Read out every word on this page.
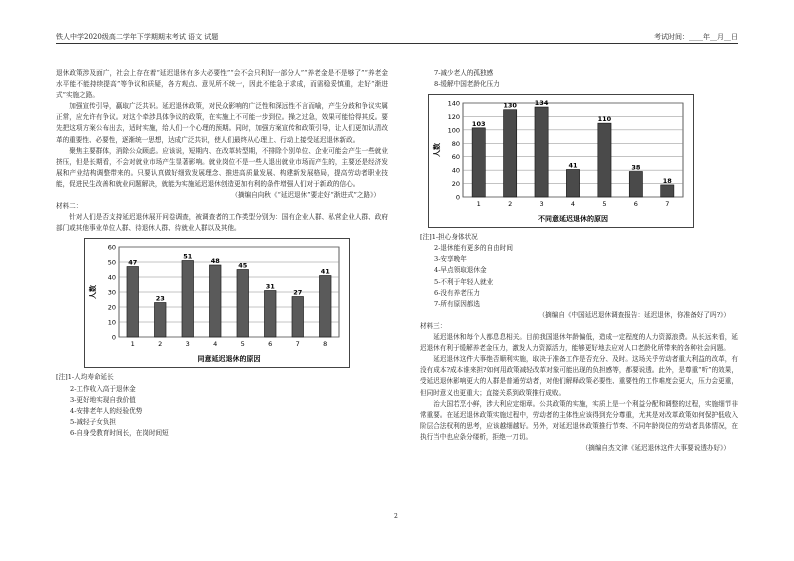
铁人中学2020级高二学年下学期期末考试 语文 试题	考试时间：____年__月__日

退休政策涉及面广，社会上存在着“延迟退休有多大必要性”“会不会只利好一部分人”“养老金是不是够了”“养老金水平能不能持续提高”等争议和质疑，各方观点、意见所不统一，因此不能急于求成，而需稳妥慎重，走好“渐进式”实施之路。

加强宣传引导，赢取广泛共识。延迟退休政策，对民众影响的广泛性和深远性不言而喻，产生分歧和争议实属正常，应允许有争议。对这个牵涉具体争议的政策，在实施上不可能一步到位。操之过急，效果可能恰得其反。要先把这项方案公布出去，适时实施，给人们一个心理的预期。同时，加强方案宣传和政策引导，让人们更加认清改革的重要性、必要性，逐渐统一思想，达成广泛共识，使人们最终从心理上、行动上接受延迟退休新政。

聚焦主要群体，消除公众顾虑。应该说，短期内、在改革转型期，不排除个别单位、企业可能会产生一些就业挤压，但是长期看，不会对就业市场产生显著影响。就业岗位不是一些人退出就业市场而产生的，主要还是经济发展和产业结构调整带来的。只要认真做好细致发展理念、推进高质量发展、构建新发展格局，提高劳动者职业技能，促进民生改善和就业问题解决，就能为实施延迟退休创造更加有利的条件增强人们对于新政的信心。

（摘编自向秋《“延迟退休”要走好“渐进式”之路》）

材料二：

针对人们是否支持延迟退休展开问卷调查，被调查者的工作类型分别为：国有企业人群、私营企业人群、政府部门或其他事业单位人群、待退休人群、待就业人群以及其他。

0
10
20
30
40
50
60
47
1
23
2
51
3
48
4
45
5
31
6
27
7
41
8
同意延迟退休的原因
人数

[注]1-人均寿命延长

2-工作收入高于退休金

3-更好地实现自我价值

4-安排老年人的经验优势

5-减轻子女负担

6-自身受教育时间长，在岗时间短

7-减少老人的孤独感

8-缓解中国老龄化压力

0
20
40
60
80
100
120
140
103
1
130
2
134
3
41
4
110
5
38
6
18
7
不同意延迟退休的原因
人数

[注]1-担心身体状况

2-退休能有更多的自由时间

3-安享晚年

4-早点领取退休金

5-不利于年轻人就业

6-没有养老压力

7-所有原因都选

（摘编自《中国延迟退休调查报告：延迟退休，你准备好了吗?》）

材料三：

延迟退休和每个人都息息相关。目前我国退休年龄偏低，造成一定程度的人力资源浪费。从长远来看，延迟退休有利于缓解养老金压力，激发人力资源活力，能够更好地去应对人口老龄化所带来的各种社会问题。

延迟退休这件大事绝否顺利实施，取决于准备工作是否充分、及时。这场关乎劳动者重大利益的改革，有没有成本?成本谁来担?如何用政策减轻改革对象可能出现的负担感等，都要说透。此外，是尊重“听”的效果，受延迟退休影响更大的人群是普通劳动者，对他们解释政策必要性、重要性的工作难度会更大，压力会更重，但同时意义也更重大；直接关系到政策推行成败。

治大国若烹小鲜，涉大利应定细章。公共政策的实施，实质上是一个利益分配和调整的过程，实施细节非常重要。在延迟退休政策实施过程中，劳动者的主体性应该得到充分尊重，尤其是对改革政策如何保护低收入阶层合法权利的思考，应该越细越好。另外，对延迟退休政策推行节奏、不同年龄岗位的劳动者具体情况，在执行当中也应条分缕析，拒绝一刀切。

（摘编自杰文津《延迟退休这件大事要说透办好》）

2
